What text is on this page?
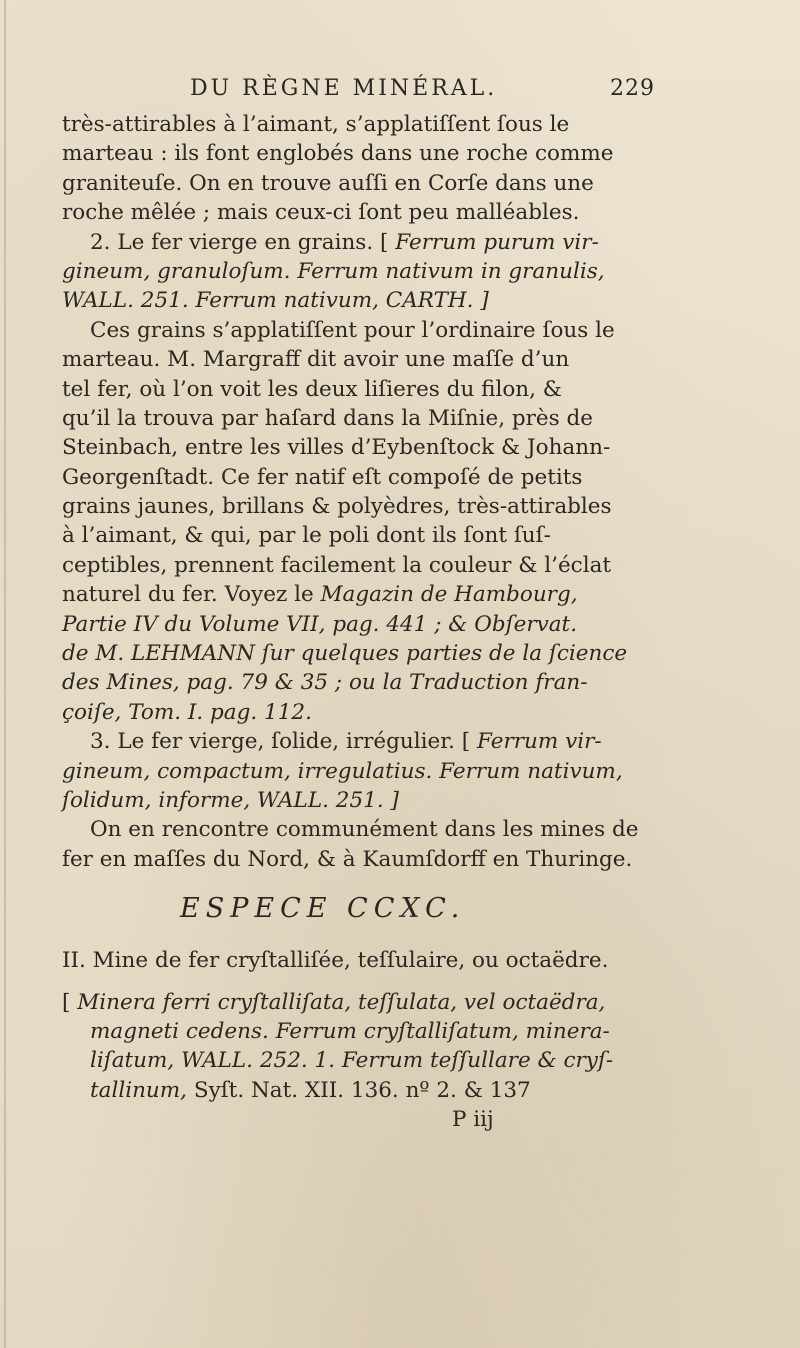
DU RÈGNE MINÉRAL.	229
très-attirables à l’aimant, s’applatiſſent ſous le
marteau : ils font englobés dans une roche comme
graniteuſe. On en trouve auſſi en Corſe dans une
roche mêlée ; mais ceux-ci ſont peu malléables.
2. Le fer vierge en grains. [ Ferrum purum vir-
gineum, granuloſum. Ferrum nativum in granulis,
WALL. 251. Ferrum nativum, CARTH. ]
Ces grains s’applatiſſent pour l’ordinaire ſous le
marteau. M. Margraff dit avoir une maſſe d’un
tel fer, où l’on voit les deux liſieres du filon, &
qu’il la trouva par haſard dans la Miſnie, près de
Steinbach, entre les villes d’Eybenſtock & Johann-
Georgenſtadt. Ce fer natif eſt compoſé de petits
grains jaunes, brillans & polyèdres, très-attirables
à l’aimant, & qui, par le poli dont ils ſont ſuſ-
ceptibles, prennent facilement la couleur & l’éclat
naturel du fer. Voyez le Magazin de Hambourg,
Partie IV du Volume VII, pag. 441 ; & Obſervat.
de M. LEHMANN ſur quelques parties de la ſcience
des Mines, pag. 79 & 35 ; ou la Traduction fran-
çoiſe, Tom. I. pag. 112.
3. Le fer vierge, ſolide, irrégulier. [ Ferrum vir-
gineum, compactum, irregulatius. Ferrum nativum,
ſolidum, informe, WALL. 251. ]
On en rencontre communément dans les mines de
fer en maſſes du Nord, & à Kaumſdorff en Thuringe.
ESPECE CCXC.
II. Mine de fer cryſtalliſée, teſſulaire, ou octaëdre.
[ Minera ferri cryſtalliſata, teſſulata, vel octaëdra,
magneti cedens. Ferrum cryſtalliſatum, minera-
liſatum, WALL. 252. 1. Ferrum teſſullare & cryſ-
tallinum, Syſt. Nat. XII. 136. nº 2. & 137
P iij
